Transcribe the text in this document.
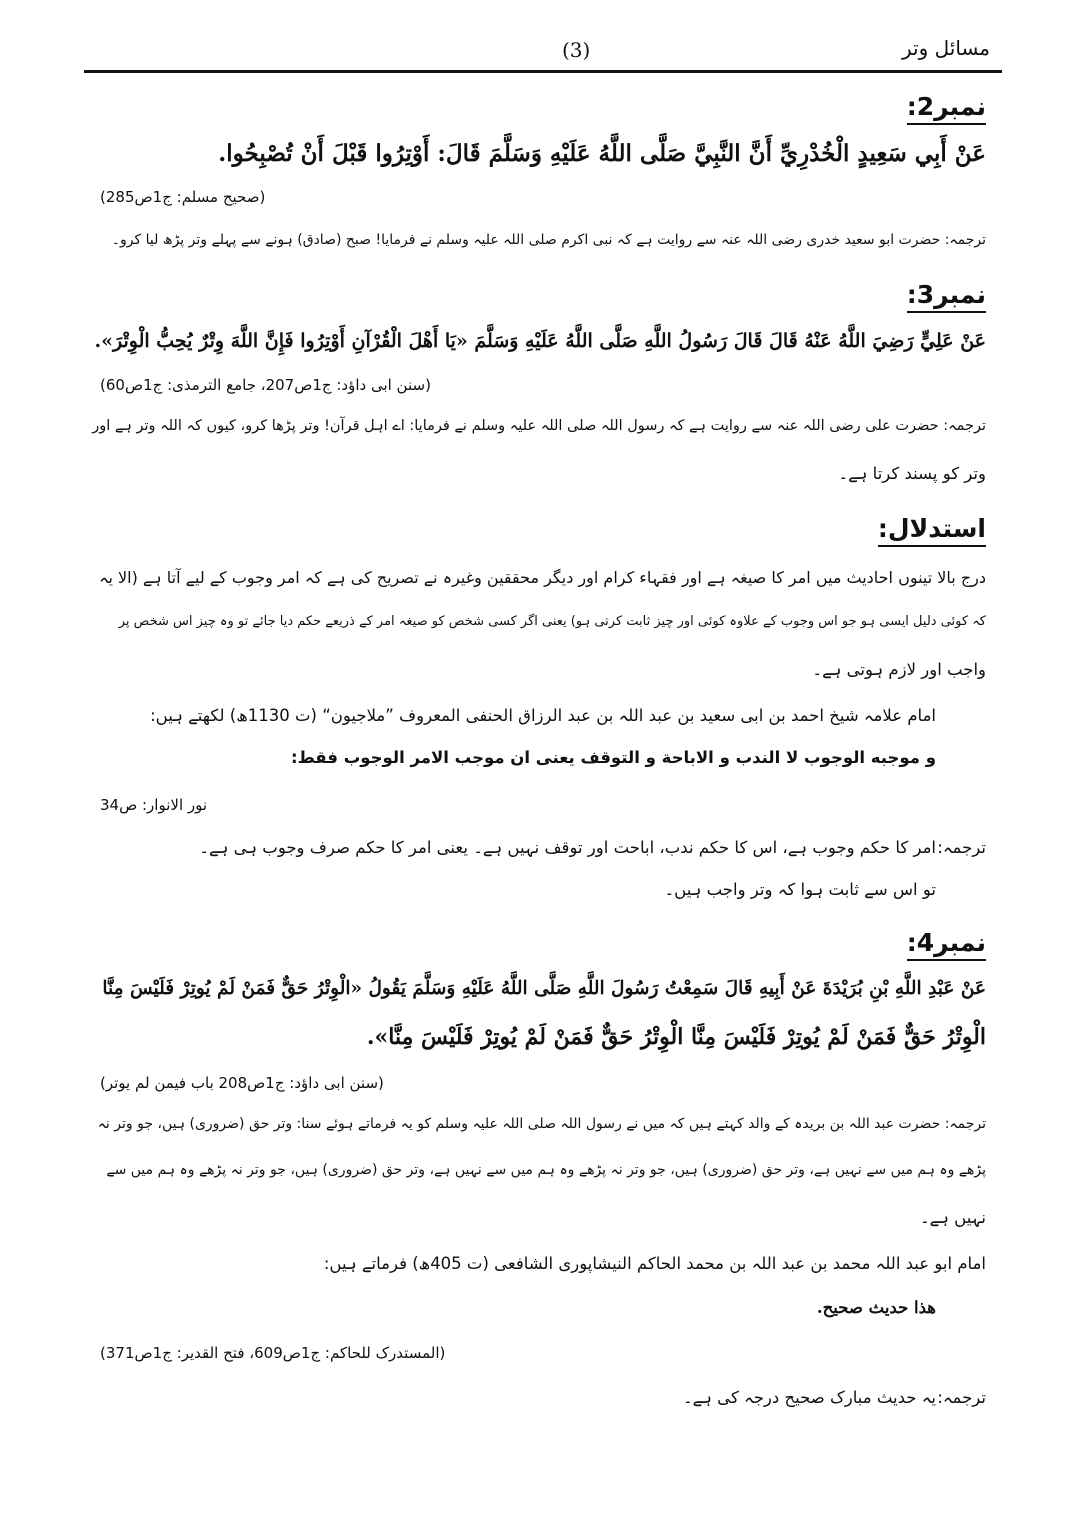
مسائل وتر
(3)
نمبر2:
عَنْ أَبِي سَعِيدٍ الْخُدْرِيِّ أَنَّ النَّبِيَّ صَلَّى اللَّهُ عَلَيْهِ وَسَلَّمَ قَالَ: أَوْتِرُوا قَبْلَ أَنْ تُصْبِحُوا.
(صحیح مسلم: ج1ص285)
ترجمہ: حضرت ابو سعید خدری رضی اللہ عنہ سے روایت ہے کہ نبی اکرم صلی اللہ علیہ وسلم نے فرمایا! صبح (صادق) ہونے سے پہلے وتر پڑھ لیا کرو۔
نمبر3:
عَنْ عَلِيٍّ رَضِيَ اللَّهُ عَنْهُ قَالَ قَالَ رَسُولُ اللَّهِ صَلَّى اللَّهُ عَلَيْهِ وَسَلَّمَ «يَا أَهْلَ الْقُرْآنِ أَوْتِرُوا فَإِنَّ اللَّهَ وِتْرٌ يُحِبُّ الْوِتْرَ».
(سنن ابی داؤد: ج1ص207، جامع الترمذی: ج1ص60)
ترجمہ: حضرت علی رضی اللہ عنہ سے روایت ہے کہ رسول اللہ صلی اللہ علیہ وسلم نے فرمایا: اے اہل قرآن! وتر پڑھا کرو، کیوں کہ اللہ وتر ہے اور
وتر کو پسند کرتا ہے۔
استدلال:
درج بالا تینوں احادیث میں امر کا صیغہ ہے اور فقہاء کرام اور دیگر محققین وغیرہ نے تصریح کی ہے کہ امر وجوب کے لیے آتا ہے (الا یہ
کہ کوئی دلیل ایسی ہو جو اس وجوب کے علاوہ کوئی اور چیز ثابت کرتی ہو) یعنی اگر کسی شخص کو صیغہ امر کے ذریعے حکم دیا جائے تو وہ چیز اس شخص پر
واجب اور لازم ہوتی ہے۔
امام علامہ شیخ احمد بن ابی سعید بن عبد اللہ بن عبد الرزاق الحنفی المعروف ”ملاجیون“ (ت 1130ھ) لکھتے ہیں:
و موجبه الوجوب لا الندب و الاباحة و التوقف یعنی ان موجب الامر الوجوب فقط:
نور الانوار: ص34
ترجمہ:
امر کا حکم وجوب ہے، اس کا حکم ندب، اباحت اور توقف نہیں ہے۔ یعنی امر کا حکم صرف وجوب ہی ہے۔
تو اس سے ثابت ہوا کہ وتر واجب ہیں۔
نمبر4:
عَنْ عَبْدِ اللَّهِ بْنِ بُرَيْدَةَ عَنْ أَبِيهِ قَالَ سَمِعْتُ رَسُولَ اللَّهِ صَلَّى اللَّهُ عَلَيْهِ وَسَلَّمَ يَقُولُ «الْوِتْرُ حَقٌّ فَمَنْ لَمْ يُوتِرْ فَلَيْسَ مِنَّا
الْوِتْرُ حَقٌّ فَمَنْ لَمْ يُوتِرْ فَلَيْسَ مِنَّا الْوِتْرُ حَقٌّ فَمَنْ لَمْ يُوتِرْ فَلَيْسَ مِنَّا».
(سنن ابی داؤد: ج1ص208 باب فیمن لم یوتر)
ترجمہ: حضرت عبد اللہ بن بریدہ کے والد کہتے ہیں کہ میں نے رسول اللہ صلی اللہ علیہ وسلم کو یہ فرماتے ہوئے سنا: وتر حق (ضروری) ہیں، جو وتر نہ
پڑھے وہ ہم میں سے نہیں ہے، وتر حق (ضروری) ہیں، جو وتر نہ پڑھے وہ ہم میں سے نہیں ہے، وتر حق (ضروری) ہیں، جو وتر نہ پڑھے وہ ہم میں سے
نہیں ہے۔
امام ابو عبد اللہ محمد بن عبد اللہ بن محمد الحاکم النیشاپوری الشافعی (ت 405ھ) فرماتے ہیں:
هذا حديث صحيح.
(المستدرک للحاکم: ج1ص609، فتح القدیر: ج1ص371)
ترجمہ:
یہ حدیث مبارک صحیح درجہ کی ہے۔
